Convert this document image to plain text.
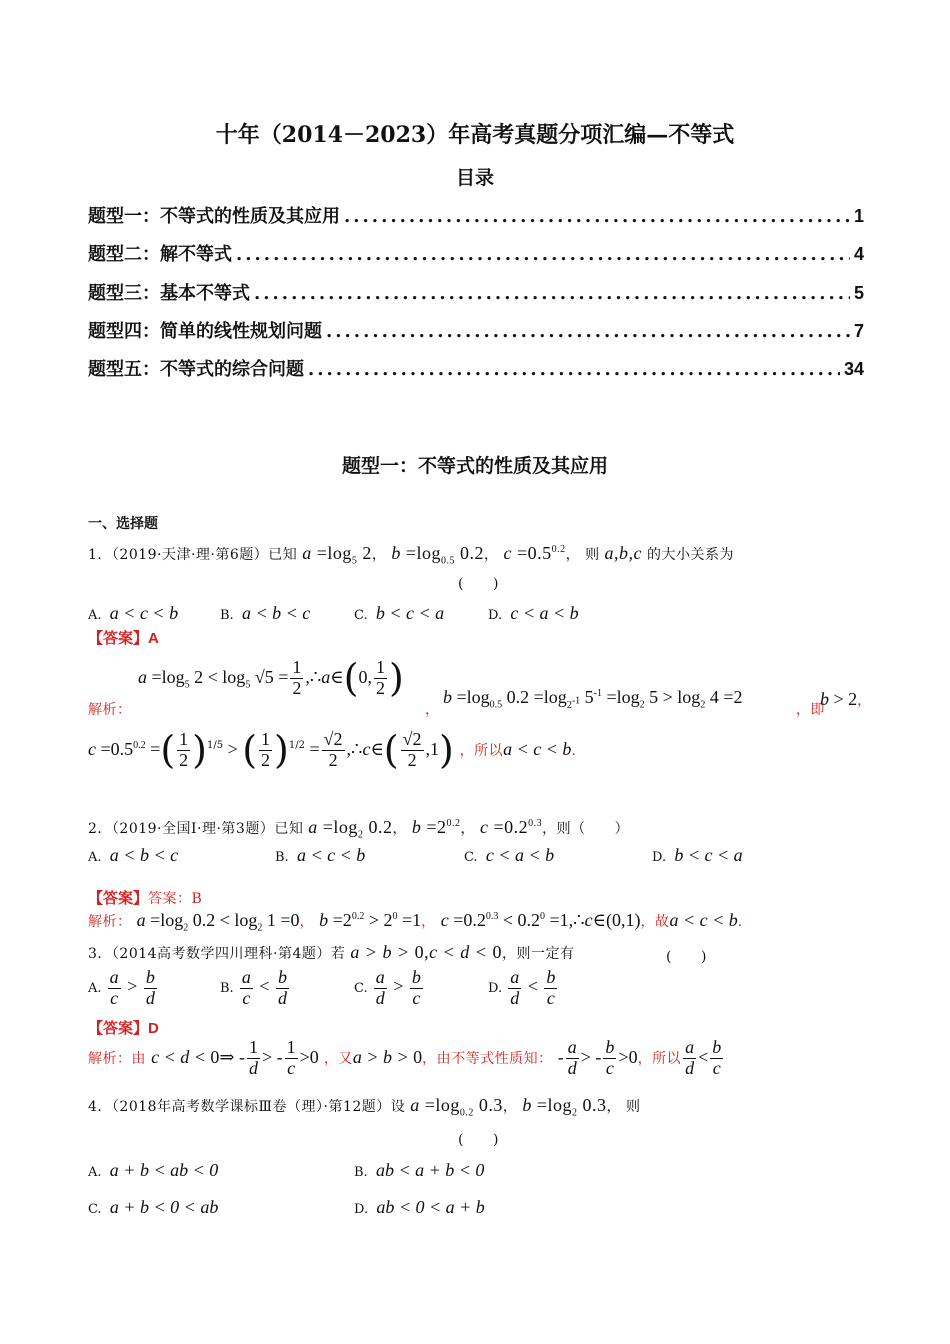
十年（2014－2023）年高考真题分项汇编—不等式
目录
题型一：不等式的性质及其应用 .....	1
题型二：解不等式 .....	4
题型三：基本不等式 .....	5
题型四：简单的线性规划问题 .....	7
题型五：不等式的综合问题 .....	34
题型一：不等式的性质及其应用
一、选择题
1．（2019·天津·理·第6题）已知 $a =\log_5$ 2， $b =\log_{0.5}$ 0.2， $c =0.5^{0.2}$， 则 a,b,c 的大小关系为
(　　)
A. a < c < b	B. a < b < c	C. b < c < a	D. c < a < b
【答案】A
$a =\log_5$ $2 < \log_5 √5 = \frac{1}{2}$ ,∴a∈(0, $\frac{1}{2}$ )
解析：	，
$b =\log_{0.5}$ $0.2 =\log_{2^{-1}}$ $5^{-1} =\log_2$ $5 > \log_2 4 =2$
，即
b > 2，
$c =0.5^{0.2}$ =( $\frac{1}{2} )^{1/5}$ > ( $\frac{1}{2} )^{1/2} = \frac{√2}{2}$ ,∴c∈( $\frac{√2}{2} ,1$) ，所以a < c < b.
2．（2019·全国Ⅰ·理·第3题）已知 $a =\log_2$ 0.2， $b =2^{0.2}$， $c =0.2^{0.3}$，则（　　）
A. a < b < c	B. a < c < b	C. c < a < b	D. b < c < a
【答案】答案：B
解析： $a =\log_2$ $0.2 < \log_2 1 =0$， $b =2^{0.2} > 2^0 =1$， $c =0.2^{0.3} < 0.2^0$ =1,∴c∈(0,1)，故a < c < b.
3．（2014高考数学四川理科·第4题）若 a > b > 0,c < d < 0，则一定有	(　　)
A. $\frac{a}{c} > \frac{b}{d}$	B. $\frac{a}{c} < \frac{b}{d}$	C. $\frac{a}{d} > \frac{b}{c}$	D. $\frac{a}{d} < \frac{b}{c}$
【答案】D
解析：由 c < d < 0⇒ - $\frac{1}{d}$ > - $\frac{1}{c} >0$ ，又a > b > 0，由不等式性质知： - $\frac{a}{d}$ > - $\frac{b}{c} >0$，所以 $\frac{a}{d} < \frac{b}{c}$
4．（2018年高考数学课标Ⅲ卷（理）·第12题）设 $a =\log_{0.2}$ 0.3， $b =\log_2$ 0.3， 则
(　　)
A. a + b < ab < 0	B. ab < a + b < 0
C. a + b < 0 < ab	D. ab < 0 < a + b
